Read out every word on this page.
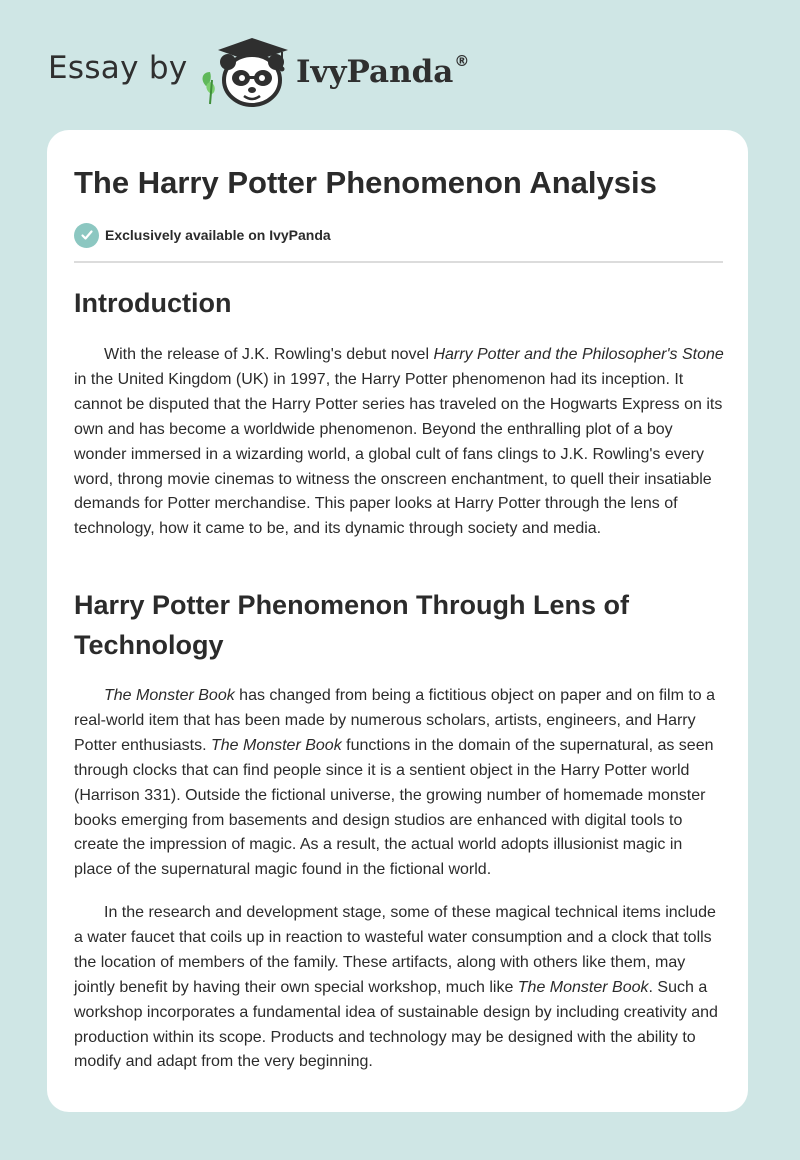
Essay by	IvyPanda®
The Harry Potter Phenomenon Analysis
Exclusively available on IvyPanda
Introduction
With the release of J.K. Rowling's debut novel Harry Potter and the Philosopher's Stone in the United Kingdom (UK) in 1997, the Harry Potter phenomenon had its inception. It cannot be disputed that the Harry Potter series has traveled on the Hogwarts Express on its own and has become a worldwide phenomenon. Beyond the enthralling plot of a boy wonder immersed in a wizarding world, a global cult of fans clings to J.K. Rowling's every word, throng movie cinemas to witness the onscreen enchantment, to quell their insatiable demands for Potter merchandise. This paper looks at Harry Potter through the lens of technology, how it came to be, and its dynamic through society and media.
Harry Potter Phenomenon Through Lens of
Technology
The Monster Book has changed from being a fictitious object on paper and on film to a real-world item that has been made by numerous scholars, artists, engineers, and Harry Potter enthusiasts. The Monster Book functions in the domain of the supernatural, as seen through clocks that can find people since it is a sentient object in the Harry Potter world (Harrison 331). Outside the fictional universe, the growing number of homemade monster books emerging from basements and design studios are enhanced with digital tools to create the impression of magic. As a result, the actual world adopts illusionist magic in place of the supernatural magic found in the fictional world.
In the research and development stage, some of these magical technical items include a water faucet that coils up in reaction to wasteful water consumption and a clock that tolls the location of members of the family. These artifacts, along with others like them, may jointly benefit by having their own special workshop, much like The Monster Book. Such a workshop incorporates a fundamental idea of sustainable design by including creativity and production within its scope. Products and technology may be designed with the ability to modify and adapt from the very beginning.
